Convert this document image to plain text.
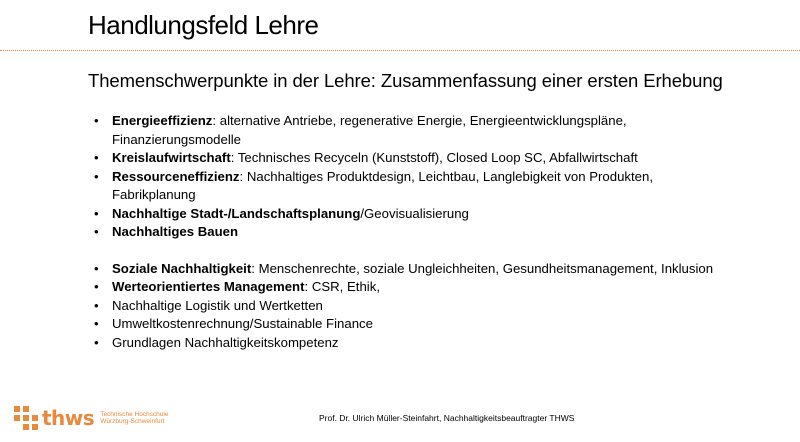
Handlungsfeld Lehre
Themenschwerpunkte in der Lehre: Zusammenfassung einer ersten Erhebung
• Energieeffizienz: alternative Antriebe, regenerative Energie, Energieentwicklungspläne, Finanzierungsmodelle
• Kreislaufwirtschaft: Technisches Recyceln (Kunststoff), Closed Loop SC, Abfallwirtschaft
• Ressourceneffizienz: Nachhaltiges Produktdesign, Leichtbau, Langlebigkeit von Produkten, Fabrikplanung
• Nachhaltige Stadt-/Landschaftsplanung/Geovisualisierung
• Nachhaltiges Bauen
• Soziale Nachhaltigkeit: Menschenrechte, soziale Ungleichheiten, Gesundheitsmanagement, Inklusion
• Werteorientiertes Management: CSR, Ethik,
• Nachhaltige Logistik und Wertketten
• Umweltkostenrechnung/Sustainable Finance
• Grundlagen Nachhaltigkeitskompetenz
thws Technische Hochschule
Würzburg-Schweinfurt	Prof. Dr. Ulrich Müller-Steinfahrt, Nachhaltigkeitsbeauftragter THWS
